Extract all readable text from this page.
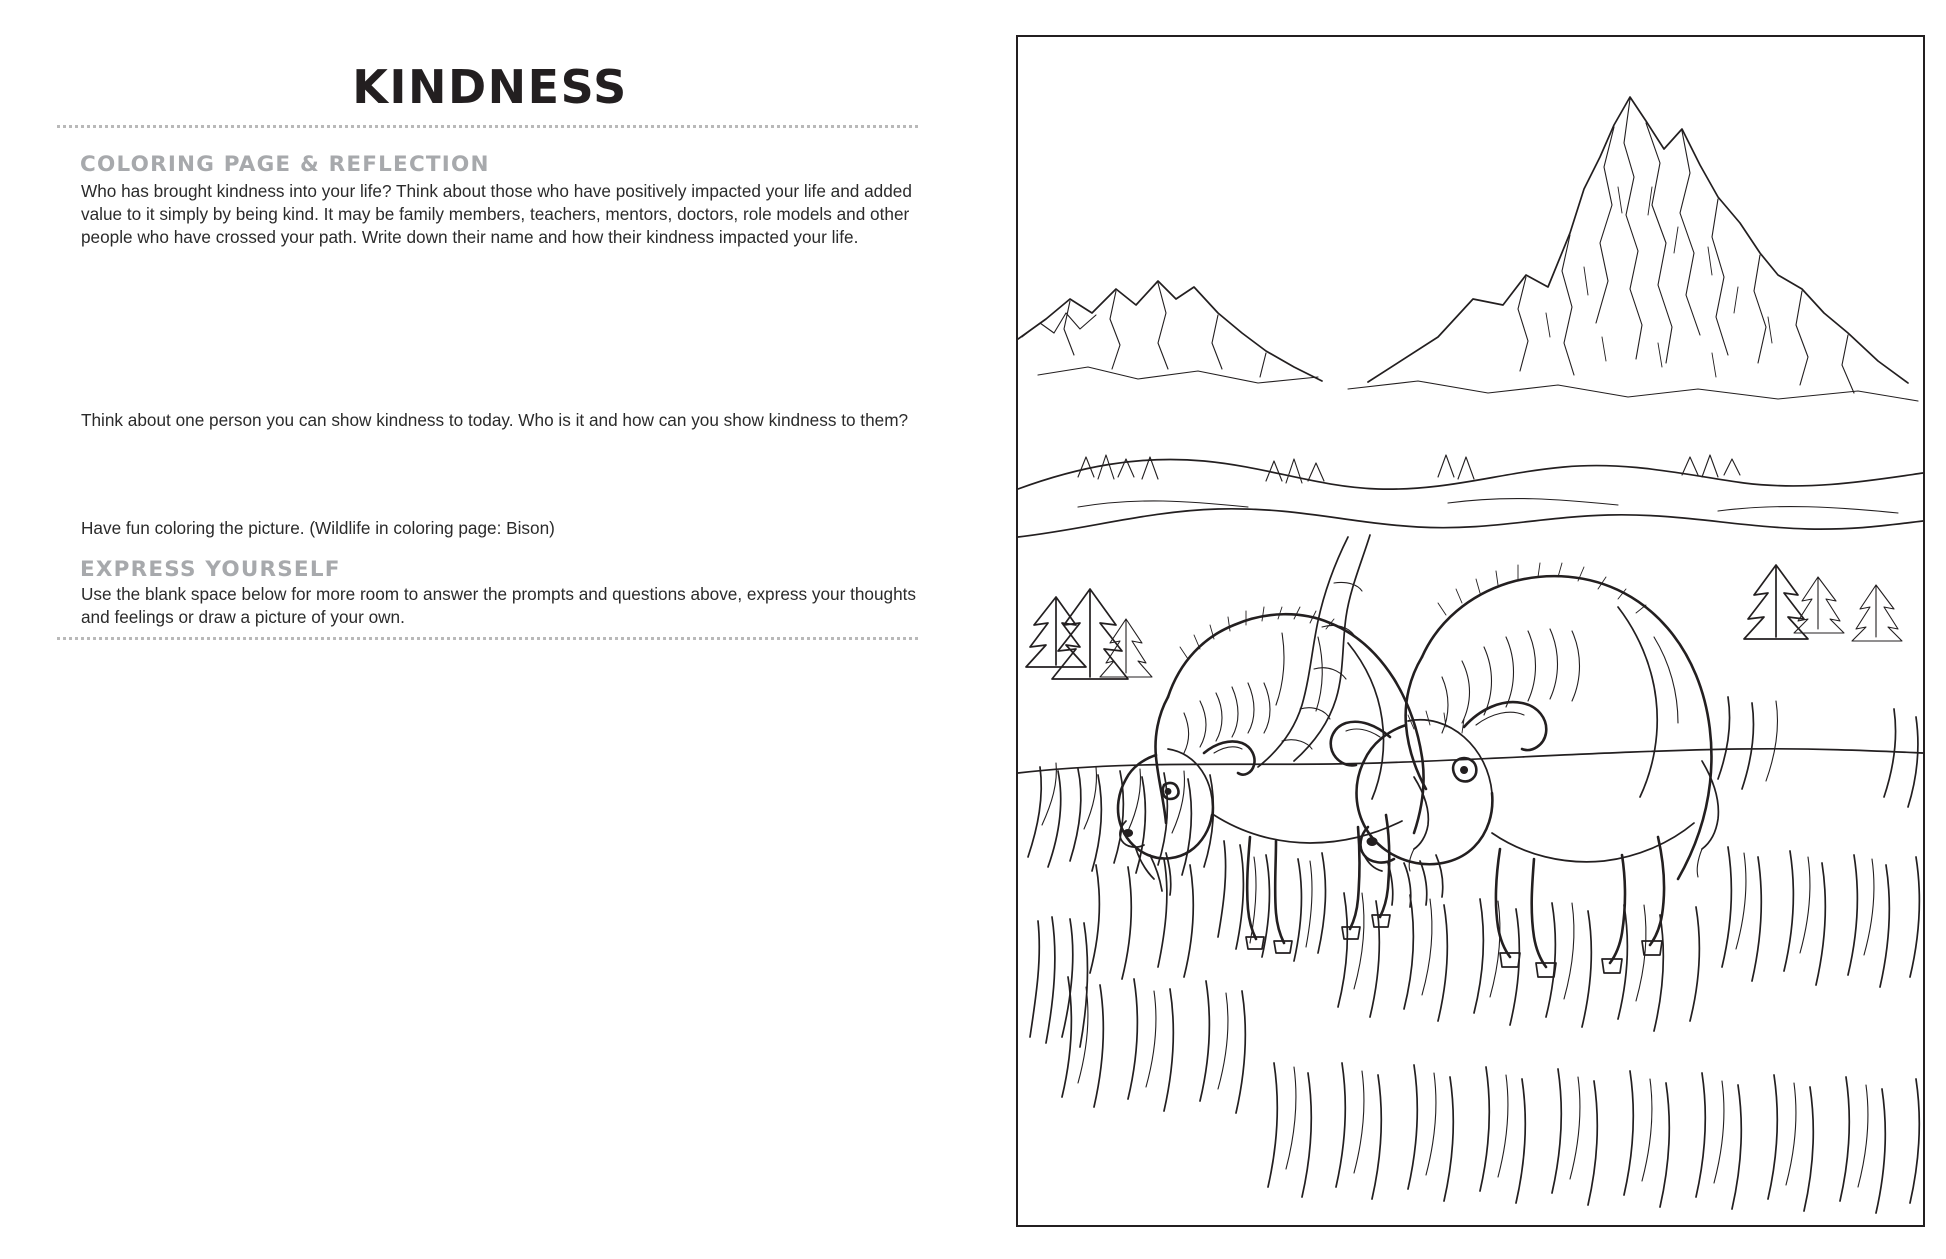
KINDNESS
COLORING PAGE & REFLECTION
Who has brought kindness into your life? Think about those who have positively impacted your life and added value to it simply by being kind. It may be family members, teachers, mentors, doctors, role models and other people who have crossed your path. Write down their name and how their kindness impacted your life.
Think about one person you can show kindness to today. Who is it and how can you show kindness to them?
Have fun coloring the picture. (Wildlife in coloring page: Bison)
EXPRESS YOURSELF
Use the blank space below for more room to answer the prompts and questions above, express your thoughts and feelings or draw a picture of your own.
